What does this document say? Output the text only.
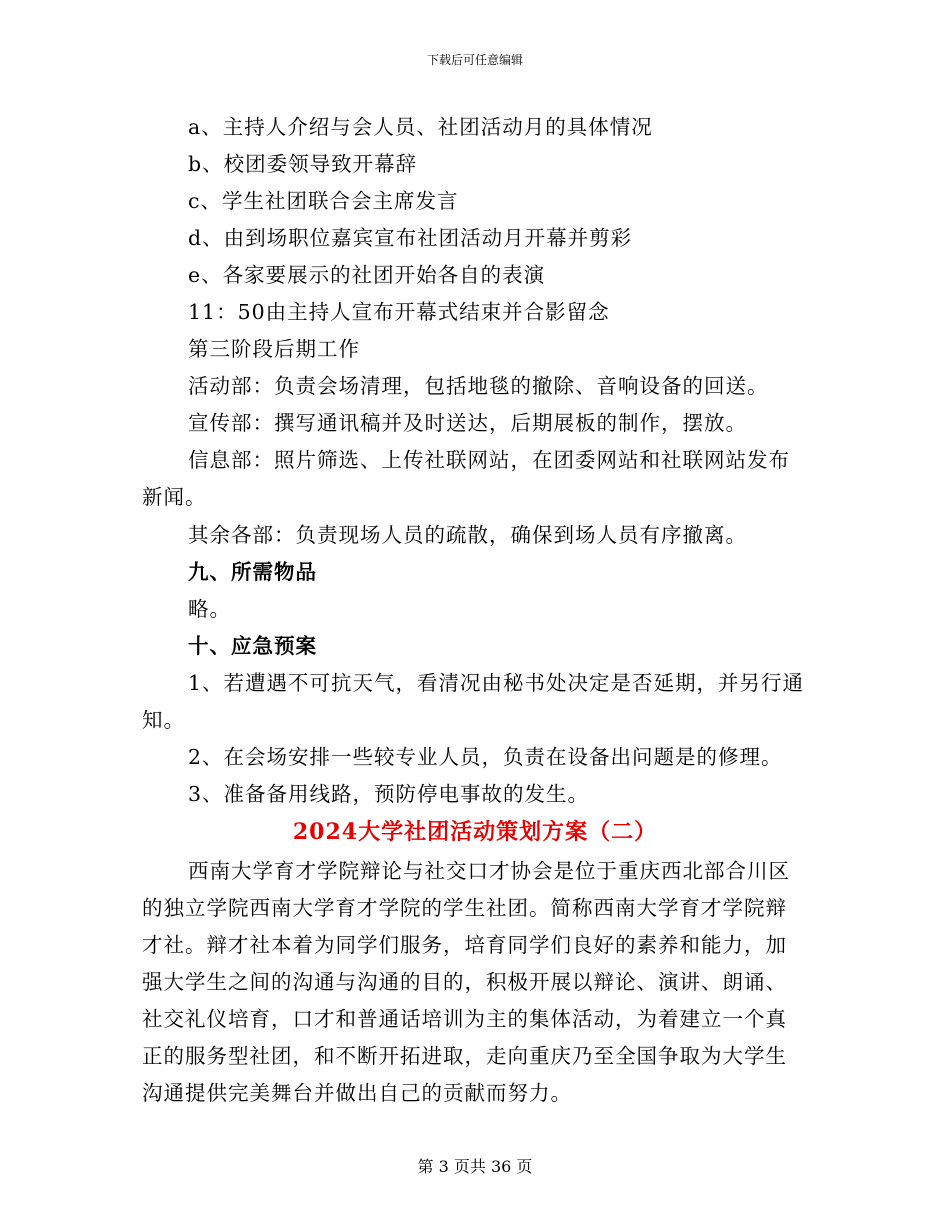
下载后可任意编辑
a、主持人介绍与会人员、社团活动月的具体情况
b、校团委领导致开幕辞
c、学生社团联合会主席发言
d、由到场职位嘉宾宣布社团活动月开幕并剪彩
e、各家要展示的社团开始各自的表演
11：50由主持人宣布开幕式结束并合影留念
第三阶段后期工作
活动部：负责会场清理，包括地毯的撤除、音响设备的回送。
宣传部：撰写通讯稿并及时送达，后期展板的制作，摆放。
信息部：照片筛选、上传社联网站，在团委网站和社联网站发布
新闻。
其余各部：负责现场人员的疏散，确保到场人员有序撤离。
九、所需物品
略。
十、应急预案
1、若遭遇不可抗天气，看清况由秘书处决定是否延期，并另行通
知。
2、在会场安排一些较专业人员，负责在设备出问题是的修理。
3、准备备用线路，预防停电事故的发生。
2024大学社团活动策划方案（二）
西南大学育才学院辩论与社交口才协会是位于重庆西北部合川区
的独立学院西南大学育才学院的学生社团。简称西南大学育才学院辩
才社。辩才社本着为同学们服务，培育同学们良好的素养和能力，加
强大学生之间的沟通与沟通的目的，积极开展以辩论、演讲、朗诵、
社交礼仪培育，口才和普通话培训为主的集体活动，为着建立一个真
正的服务型社团，和不断开拓进取，走向重庆乃至全国争取为大学生
沟通提供完美舞台并做出自己的贡献而努力。
第 3 页共 36 页
